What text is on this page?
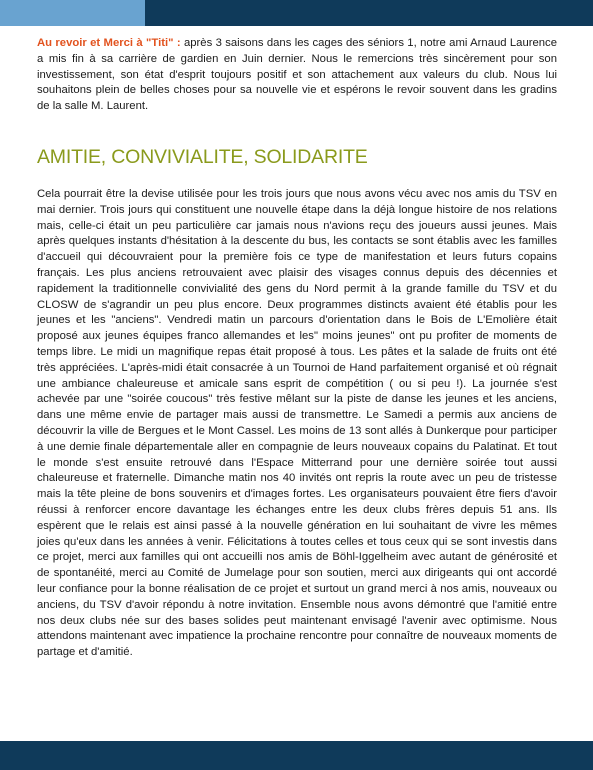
Au revoir et Merci à "Titi" : après 3 saisons dans les cages des séniors 1, notre ami Arnaud Laurence a mis fin à sa carrière de gardien en Juin dernier. Nous le remercions très sincèrement pour son investissement, son état d'esprit toujours positif et son attachement aux valeurs du club. Nous lui souhaitons plein de belles choses pour sa nouvelle vie et espérons le revoir souvent dans les gradins de la salle M. Laurent.

AMITIE, CONVIVIALITE, SOLIDARITE

Cela pourrait être la devise utilisée pour les trois jours que nous avons vécu avec nos amis du TSV en mai dernier. Trois jours qui constituent une nouvelle étape dans la déjà longue histoire de nos relations mais, celle-ci était un peu particulière car jamais nous n'avions reçu des joueurs aussi jeunes. Mais après quelques instants d'hésitation à la descente du bus, les contacts se sont établis avec les familles d'accueil qui découvraient pour la première fois ce type de manifestation et leurs futurs copains français. Les plus anciens retrouvaient avec plaisir des visages connus depuis des décennies et rapidement la traditionnelle convivialité des gens du Nord permit à la grande famille du TSV et du CLOSW de s'agrandir un peu plus encore. Deux programmes distincts avaient été établis pour les jeunes et les "anciens". Vendredi matin un parcours d'orientation dans le Bois de L'Emolière était proposé aux jeunes équipes franco allemandes et les" moins jeunes" ont pu profiter de moments de temps libre. Le midi un magnifique repas était proposé à tous. Les pâtes et la salade de fruits ont été très appréciées. L'après-midi était consacrée à un Tournoi de Hand parfaitement organisé et où régnait une ambiance chaleureuse et amicale sans esprit de compétition ( ou si peu !). La journée s'est achevée par une "soirée coucous" très festive mêlant sur la piste de danse les jeunes et les anciens, dans une même envie de partager mais aussi de transmettre. Le Samedi a permis aux anciens de découvrir la ville de Bergues et le Mont Cassel. Les moins de 13 sont allés à Dunkerque pour participer à une demie finale départementale aller en compagnie de leurs nouveaux copains du Palatinat. Et tout le monde s'est ensuite retrouvé dans l'Espace Mitterrand pour une dernière soirée tout aussi chaleureuse et fraternelle. Dimanche matin nos 40 invités ont repris la route avec un peu de tristesse mais la tête pleine de bons souvenirs et d'images fortes. Les organisateurs pouvaient être fiers d'avoir réussi à renforcer encore davantage les échanges entre les deux clubs frères depuis 51 ans. Ils espèrent que le relais est ainsi passé à la nouvelle génération en lui souhaitant de vivre les mêmes joies qu'eux dans les années à venir. Félicitations à toutes celles et tous ceux qui se sont investis dans ce projet, merci aux familles qui ont accueilli nos amis de Böhl-Iggelheim avec autant de générosité et de spontanéité, merci au Comité de Jumelage pour son soutien, merci aux dirigeants qui ont accordé leur confiance pour la bonne réalisation de ce projet et surtout un grand merci à nos amis, nouveaux ou anciens, du TSV d'avoir répondu à notre invitation. Ensemble nous avons démontré que l'amitié entre nos deux clubs née sur des bases solides peut maintenant envisagé l'avenir avec optimisme. Nous attendons maintenant avec impatience la prochaine rencontre pour connaître de nouveaux moments de partage et d'amitié.
